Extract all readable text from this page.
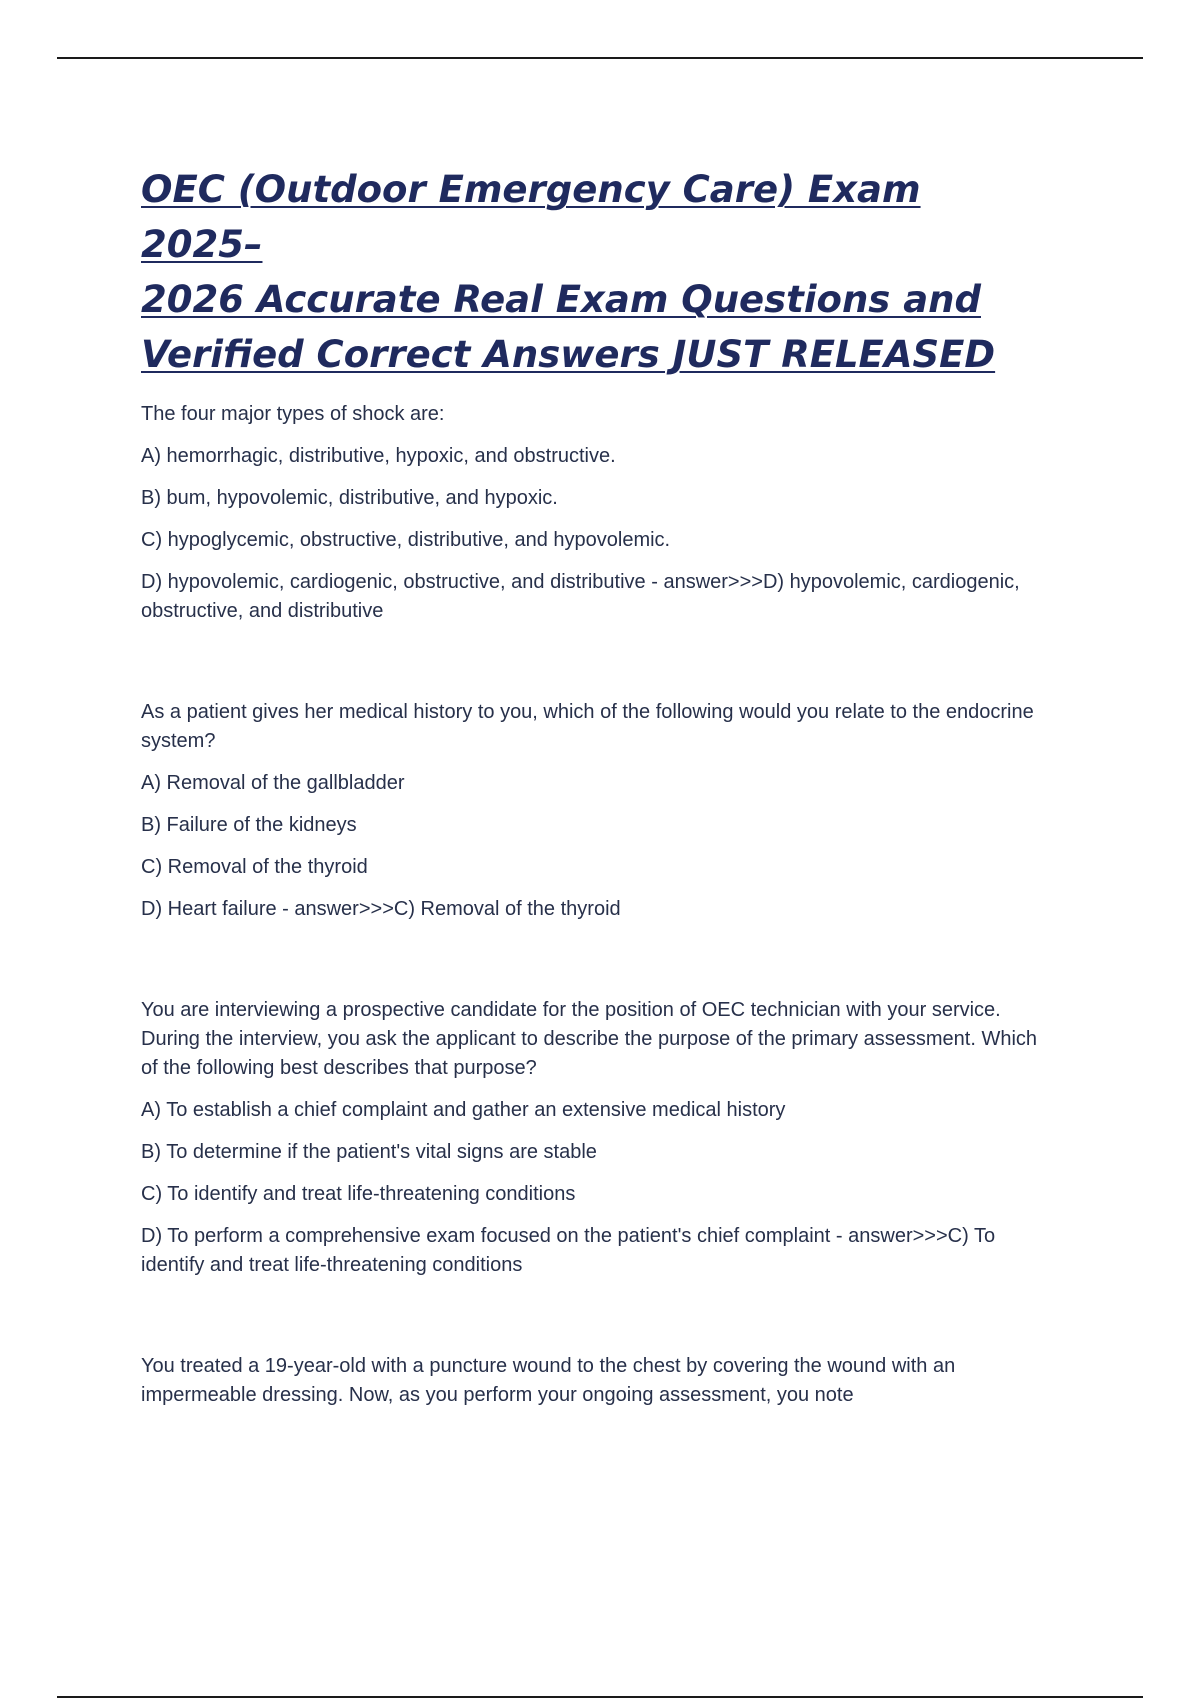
OEC (Outdoor Emergency Care) Exam 2025–
2026 Accurate Real Exam Questions and
Verified Correct Answers JUST RELEASED

The four major types of shock are:

A) hemorrhagic, distributive, hypoxic, and obstructive.

B) bum, hypovolemic, distributive, and hypoxic.

C) hypoglycemic, obstructive, distributive, and hypovolemic.

D) hypovolemic, cardiogenic, obstructive, and distributive - answer>>>D) hypovolemic, cardiogenic, obstructive, and distributive

As a patient gives her medical history to you, which of the following would you relate to the endocrine system?

A) Removal of the gallbladder

B) Failure of the kidneys

C) Removal of the thyroid

D) Heart failure - answer>>>C) Removal of the thyroid

You are interviewing a prospective candidate for the position of OEC technician with your service. During the interview, you ask the applicant to describe the purpose of the primary assessment. Which of the following best describes that purpose?

A) To establish a chief complaint and gather an extensive medical history

B) To determine if the patient's vital signs are stable

C) To identify and treat life-threatening conditions

D) To perform a comprehensive exam focused on the patient's chief complaint - answer>>>C) To identify and treat life-threatening conditions

You treated a 19-year-old with a puncture wound to the chest by covering the wound with an impermeable dressing. Now, as you perform your ongoing assessment, you note
